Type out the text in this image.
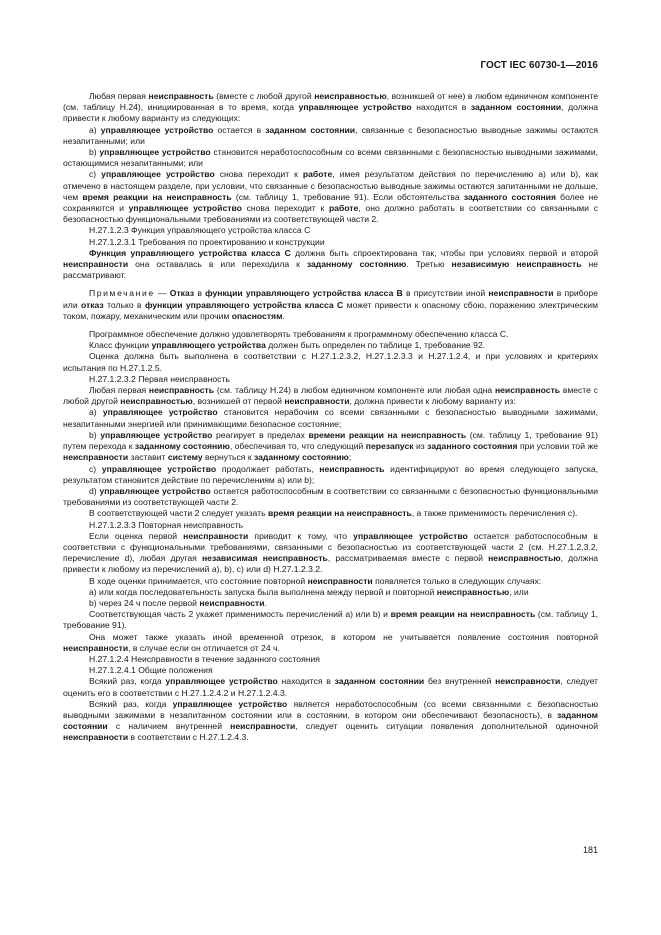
ГОСТ IEC 60730-1—2016

Любая первая неисправность (вместе с любой другой неисправностью, возникшей от нее) в любом единичном компоненте (см. таблицу Н.24), инициированная в то время, когда управляющее устройство находится в заданном состоянии, должна привести к любому варианту из следующих:

a) управляющее устройство остается в заданном состоянии, связанные с безопасностью выводные зажимы остаются незапитанными; или

b) управляющее устройство становится неработоспособным со всеми связанными с безопасностью выводными зажимами, остающимися незапитанными; или

c) управляющее устройство снова переходит к работе, имея результатом действия по перечислению a) или b), как отмечено в настоящем разделе, при условии, что связанные с безопасностью выводные зажимы остаются запитанными не дольше, чем время реакции на неисправность (см. таблицу 1, требование 91). Если обстоятельства заданного состояния более не сохраняются и управляющее устройство снова переходит к работе, оно должно работать в соответствии со связанными с безопасностью функциональными требованиями из соответствующей части 2.

Н.27.1.2.3 Функция управляющего устройства класса С

Н.27.1.2.3.1 Требования по проектированию и конструкции

Функция управляющего устройства класса С должна быть спроектирована так, чтобы при условиях первой и второй неисправности она оставалась в или переходила к заданному состоянию. Третью независимую неисправность не рассматривают.

Примечание — Отказ в функции управляющего устройства класса В в присутствии иной неисправности в приборе или отказ только в функции управляющего устройства класса С может привести к опасному сбою, поражению электрическим током, пожару, механическим или прочим опасностям.

Программное обеспечение должно удовлетворять требованиям к программному обеспечению класса С.

Класс функции управляющего устройства должен быть определен по таблице 1, требование 92.

Оценка должна быть выполнена в соответствии с Н.27.1.2.3.2, Н.27.1.2.3.3 и Н.27.1.2.4, и при условиях и критериях испытания по Н.27.1.2.5.

Н.27.1.2.3.2 Первая неисправность

Любая первая неисправность (см. таблицу Н.24) в любом единичном компоненте или любая одна неисправность вместе с любой другой неисправностью, возникшей от первой неисправности, должна привести к любому варианту из:

a) управляющее устройство становится нерабочим со всеми связанными с безопасностью выводными зажимами, незапитанными энергией или принимающими безопасное состояние;

b) управляющее устройство реагирует в пределах времени реакции на неисправность (см. таблицу 1, требование 91) путем перехода к заданному состоянию, обеспечивая то, что следующий перезапуск из заданного состояния при условии той же неисправности заставит систему вернуться к заданному состоянию;

c) управляющее устройство продолжает работать, неисправность идентифицируют во время следующего запуска, результатом становится действие по перечислениям a) или b);

d) управляющее устройство остается работоспособным в соответствии со связанными с безопасностью функциональными требованиями из соответствующей части 2.

В соответствующей части 2 следует указать время реакции на неисправность, а также применимость перечисления c).

Н.27.1.2.3.3 Повторная неисправность

Если оценка первой неисправности приводит к тому, что управляющее устройство остается работоспособным в соответствии с функциональными требованиями, связанными с безопасностью из соответствующей части 2 (см. Н.27.1.2.3.2, перечисление d), любая другая независимая неисправность, рассматриваемая вместе с первой неисправностью, должна привести к любому из перечислений a), b), c) или d) Н.27.1.2.3.2.

В ходе оценки принимается, что состояние повторной неисправности появляется только в следующих случаях:

a) или когда последовательность запуска была выполнена между первой и повторной неисправностью, или

b) через 24 ч после первой неисправности.

Соответствующая часть 2 укажет применимость перечислений a) или b) и время реакции на неисправность (см. таблицу 1, требование 91).

Она может также указать иной временной отрезок, в котором не учитывается появление состояния повторной неисправности, в случае если он отличается от 24 ч.

Н.27.1.2.4 Неисправности в течение заданного состояния

Н.27.1.2.4.1 Общие положения

Всякий раз, когда управляющее устройство находится в заданном состоянии без внутренней неисправности, следует оценить его в соответствии с Н.27.1.2.4.2 и Н.27.1.2.4.3.

Всякий раз, когда управляющее устройство является неработоспособным (со всеми связанными с безопасностью выводными зажимами в незапитанном состоянии или в состоянии, в котором они обеспечивают безопасность), в заданном состоянии с наличием внутренней неисправности, следует оценить ситуации появления дополнительной одиночной неисправности в соответствии с Н.27.1.2.4.3.

181
